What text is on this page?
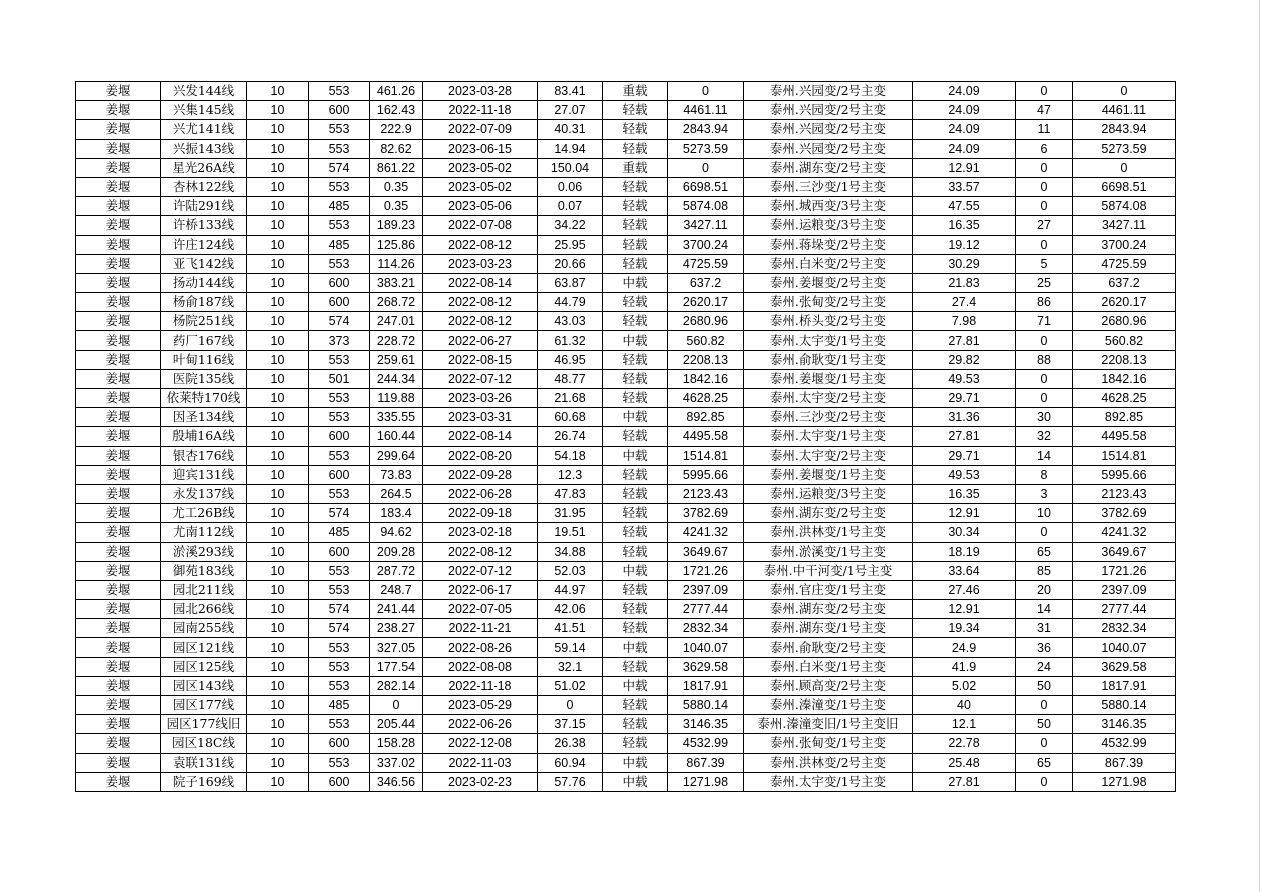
姜堰	兴发144线	10	553	461.26	2023-03-28	83.41	重载	0	泰州.兴园变/2号主变	24.09	0	0
姜堰	兴集145线	10	600	162.43	2022-11-18	27.07	轻载	4461.11	泰州.兴园变/2号主变	24.09	47	4461.11
姜堰	兴尤141线	10	553	222.9	2022-07-09	40.31	轻载	2843.94	泰州.兴园变/2号主变	24.09	11	2843.94
姜堰	兴振143线	10	553	82.62	2023-06-15	14.94	轻载	5273.59	泰州.兴园变/2号主变	24.09	6	5273.59
姜堰	星光26A线	10	574	861.22	2023-05-02	150.04	重载	0	泰州.湖东变/2号主变	12.91	0	0
姜堰	杏林122线	10	553	0.35	2023-05-02	0.06	轻载	6698.51	泰州.三沙变/1号主变	33.57	0	6698.51
姜堰	许陆291线	10	485	0.35	2023-05-06	0.07	轻载	5874.08	泰州.城西变/3号主变	47.55	0	5874.08
姜堰	许桥133线	10	553	189.23	2022-07-08	34.22	轻载	3427.11	泰州.运粮变/3号主变	16.35	27	3427.11
姜堰	许庄124线	10	485	125.86	2022-08-12	25.95	轻载	3700.24	泰州.蒋垛变/2号主变	19.12	0	3700.24
姜堰	亚飞142线	10	553	114.26	2023-03-23	20.66	轻载	4725.59	泰州.白米变/2号主变	30.29	5	4725.59
姜堰	扬动144线	10	600	383.21	2022-08-14	63.87	中载	637.2	泰州.姜堰变/2号主变	21.83	25	637.2
姜堰	杨俞187线	10	600	268.72	2022-08-12	44.79	轻载	2620.17	泰州.张甸变/2号主变	27.4	86	2620.17
姜堰	杨院251线	10	574	247.01	2022-08-12	43.03	轻载	2680.96	泰州.桥头变/2号主变	7.98	71	2680.96
姜堰	药厂167线	10	373	228.72	2022-06-27	61.32	中载	560.82	泰州.太宇变/1号主变	27.81	0	560.82
姜堰	叶甸116线	10	553	259.61	2022-08-15	46.95	轻载	2208.13	泰州.俞耿变/1号主变	29.82	88	2208.13
姜堰	医院135线	10	501	244.34	2022-07-12	48.77	轻载	1842.16	泰州.姜堰变/1号主变	49.53	0	1842.16
姜堰	依莱特170线	10	553	119.88	2023-03-26	21.68	轻载	4628.25	泰州.太宇变/2号主变	29.71	0	4628.25
姜堰	因圣134线	10	553	335.55	2023-03-31	60.68	中载	892.85	泰州.三沙变/2号主变	31.36	30	892.85
姜堰	殷埔16A线	10	600	160.44	2022-08-14	26.74	轻载	4495.58	泰州.太宇变/1号主变	27.81	32	4495.58
姜堰	银杏176线	10	553	299.64	2022-08-20	54.18	中载	1514.81	泰州.太宇变/2号主变	29.71	14	1514.81
姜堰	迎宾131线	10	600	73.83	2022-09-28	12.3	轻载	5995.66	泰州.姜堰变/1号主变	49.53	8	5995.66
姜堰	永发137线	10	553	264.5	2022-06-28	47.83	轻载	2123.43	泰州.运粮变/3号主变	16.35	3	2123.43
姜堰	尤工26B线	10	574	183.4	2022-09-18	31.95	轻载	3782.69	泰州.湖东变/2号主变	12.91	10	3782.69
姜堰	尤南112线	10	485	94.62	2023-02-18	19.51	轻载	4241.32	泰州.洪林变/1号主变	30.34	0	4241.32
姜堰	淤溪293线	10	600	209.28	2022-08-12	34.88	轻载	3649.67	泰州.淤溪变/1号主变	18.19	65	3649.67
姜堰	御苑183线	10	553	287.72	2022-07-12	52.03	中载	1721.26	泰州.中干河变/1号主变	33.64	85	1721.26
姜堰	园北211线	10	553	248.7	2022-06-17	44.97	轻载	2397.09	泰州.官庄变/1号主变	27.46	20	2397.09
姜堰	园北266线	10	574	241.44	2022-07-05	42.06	轻载	2777.44	泰州.湖东变/2号主变	12.91	14	2777.44
姜堰	园南255线	10	574	238.27	2022-11-21	41.51	轻载	2832.34	泰州.湖东变/1号主变	19.34	31	2832.34
姜堰	园区121线	10	553	327.05	2022-08-26	59.14	中载	1040.07	泰州.俞耿变/2号主变	24.9	36	1040.07
姜堰	园区125线	10	553	177.54	2022-08-08	32.1	轻载	3629.58	泰州.白米变/1号主变	41.9	24	3629.58
姜堰	园区143线	10	553	282.14	2022-11-18	51.02	中载	1817.91	泰州.顾高变/2号主变	5.02	50	1817.91
姜堰	园区177线	10	485	0	2023-05-29	0	轻载	5880.14	泰州.溱潼变/1号主变	40	0	5880.14
姜堰	园区177线旧	10	553	205.44	2022-06-26	37.15	轻载	3146.35	泰州.溱潼变旧/1号主变旧	12.1	50	3146.35
姜堰	园区18C线	10	600	158.28	2022-12-08	26.38	轻载	4532.99	泰州.张甸变/1号主变	22.78	0	4532.99
姜堰	袁联131线	10	553	337.02	2022-11-03	60.94	中载	867.39	泰州.洪林变/2号主变	25.48	65	867.39
姜堰	院子169线	10	600	346.56	2023-02-23	57.76	中载	1271.98	泰州.太宇变/1号主变	27.81	0	1271.98
